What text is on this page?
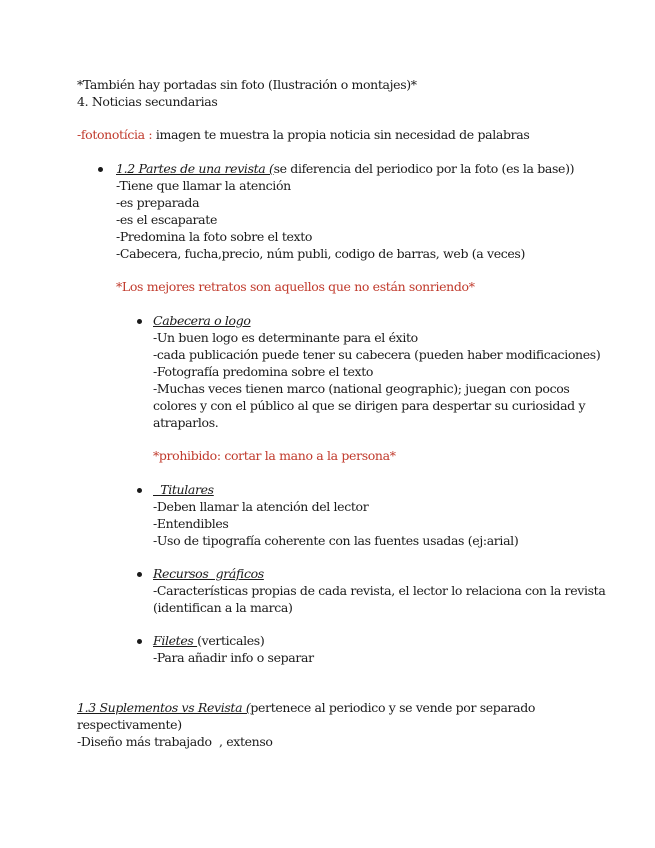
*También hay portadas sin foto (Ilustración o montajes)*
4. Noticias secundarias
-fotonotícia : imagen te muestra la propia noticia sin necesidad de palabras
1.2 Partes de una revista (se diferencia del periodico por la foto (es la base))
-Tiene que llamar la atención
-es preparada
-es el escaparate
-Predomina la foto sobre el texto
-Cabecera, fucha,precio, núm publi, codigo de barras, web (a veces)
*Los mejores retratos son aquellos que no están sonriendo*
Cabecera o logo
-Un buen logo es determinante para el éxito
-cada publicación puede tener su cabecera (pueden haber modificaciones)
-Fotografía predomina sobre el texto
-Muchas veces tienen marco (national geographic); juegan con pocos
colores y con el público al que se dirigen para despertar su curiosidad y
atraparlos.
*prohibido: cortar la mano a la persona*
Titulares
-Deben llamar la atención del lector
-Entendibles
-Uso de tipografía coherente con las fuentes usadas (ej:arial)
Recursos  gráficos
-Características propias de cada revista, el lector lo relaciona con la revista
(identifican a la marca)
Filetes (verticales)
-Para añadir info o separar
1.3 Suplementos vs Revista (pertenece al periodico y se vende por separado
respectivamente)
-Diseño más trabajado  , extenso
